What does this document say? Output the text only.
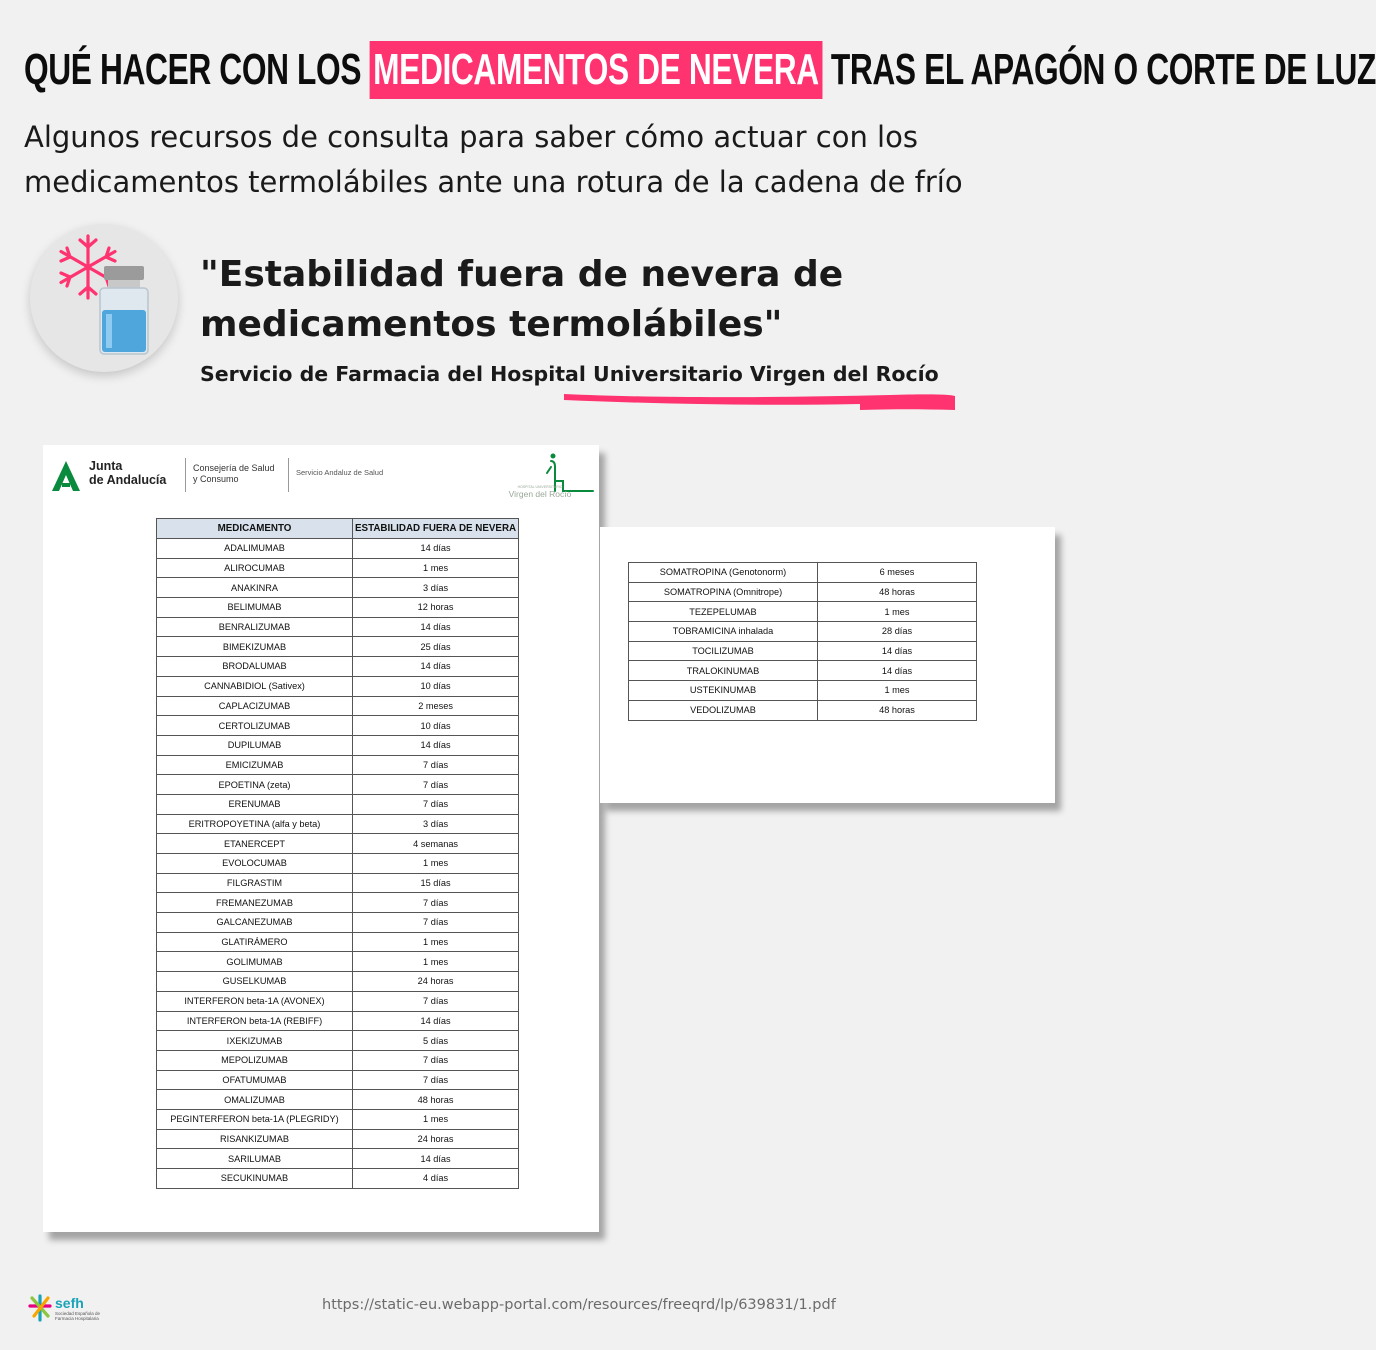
QUÉ HACER CON LOS MEDICAMENTOS DE NEVERA TRAS EL APAGÓN O CORTE DE LUZ
Algunos recursos de consulta para saber cómo actuar con los medicamentos termolábiles ante una rotura de la cadena de frío
"Estabilidad fuera de nevera de medicamentos termolábiles"
Servicio de Farmacia del Hospital Universitario Virgen del Rocío
Junta
de Andalucía
Consejería de Salud
y Consumo
Servicio Andaluz de Salud
HOSPITAL UNIVERSITARIO
Virgen del Rocío
MEDICAMENTO	ESTABILIDAD FUERA DE NEVERA
ADALIMUMAB	14 días
ALIROCUMAB	1 mes
ANAKINRA	3 días
BELIMUMAB	12 horas
BENRALIZUMAB	14 días
BIMEKIZUMAB	25 días
BRODALUMAB	14 días
CANNABIDIOL (Sativex)	10 días
CAPLACIZUMAB	2 meses
CERTOLIZUMAB	10 días
DUPILUMAB	14 días
EMICIZUMAB	7 días
EPOETINA (zeta)	7 días
ERENUMAB	7 días
ERITROPOYETINA (alfa y beta)	3 días
ETANERCEPT	4 semanas
EVOLOCUMAB	1 mes
FILGRASTIM	15 días
FREMANEZUMAB	7 días
GALCANEZUMAB	7 días
GLATIRÁMERO	1 mes
GOLIMUMAB	1 mes
GUSELKUMAB	24 horas
INTERFERON beta-1A (AVONEX)	7 días
INTERFERON beta-1A (REBIFF)	14 días
IXEKIZUMAB	5 días
MEPOLIZUMAB	7 días
OFATUMUMAB	7 días
OMALIZUMAB	48 horas
PEGINTERFERON beta-1A (PLEGRIDY)	1 mes
RISANKIZUMAB	24 horas
SARILUMAB	14 días
SECUKINUMAB	4 días
SOMATROPINA (Genotonorm)	6 meses
SOMATROPINA (Omnitrope)	48 horas
TEZEPELUMAB	1 mes
TOBRAMICINA inhalada	28 días
TOCILIZUMAB	14 días
TRALOKINUMAB	14 días
USTEKINUMAB	1 mes
VEDOLIZUMAB	48 horas
sefh
Sociedad Española de Farmacia Hospitalaria
https://static-eu.webapp-portal.com/resources/freeqrd/lp/639831/1.pdf
